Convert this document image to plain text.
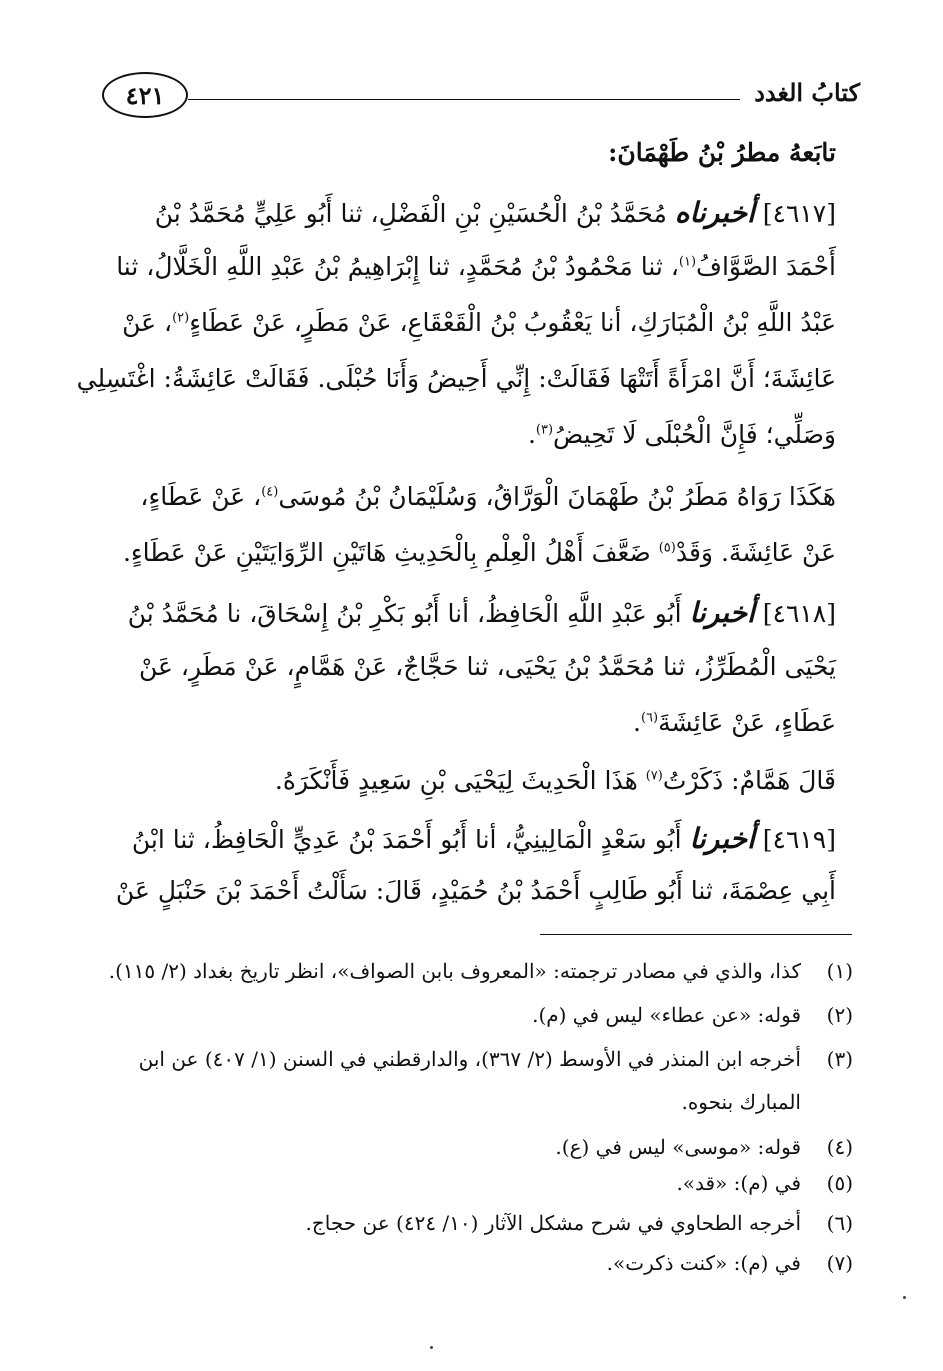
٤٢١	كتابُ الغدد
تابَعهُ مطرُ بْنُ طَهْمَانَ:
[٤٦١٧] أخبرناه مُحَمَّدُ بْنُ الْحُسَيْنِ بْنِ الْفَضْلِ، ثنا أَبُو عَلِيٍّ مُحَمَّدُ بْنُ
أَحْمَدَ الصَّوَّافُ$^{(١)}$، ثنا مَحْمُودُ بْنُ مُحَمَّدٍ، ثنا إِبْرَاهِيمُ بْنُ عَبْدِ اللَّهِ الْخَلَّالُ، ثنا
عَبْدُ اللَّهِ بْنُ الْمُبَارَكِ، أنا يَعْقُوبُ بْنُ الْقَعْقَاعِ، عَنْ مَطَرٍ، عَنْ عَطَاءٍ$^{(٢)}$، عَنْ
عَائِشَةَ؛ أَنَّ امْرَأَةً أَتَتْهَا فَقَالَتْ: إِنِّي أَحِيضُ وَأَنَا حُبْلَى. فَقَالَتْ عَائِشَةُ: اغْتَسِلِي
وَصَلِّي؛ فَإِنَّ الْحُبْلَى لَا تَحِيضُ$^{(٣)}$.
هَكَذَا رَوَاهُ مَطَرُ بْنُ طَهْمَانَ الْوَرَّاقُ، وَسُلَيْمَانُ بْنُ مُوسَى$^{(٤)}$، عَنْ عَطَاءٍ،
عَنْ عَائِشَةَ. وَقَدْ$^{(٥)}$ ضَعَّفَ أَهْلُ الْعِلْمِ بِالْحَدِيثِ هَاتَيْنِ الرِّوَايَتَيْنِ عَنْ عَطَاءٍ.
[٤٦١٨] أخبرنا أَبُو عَبْدِ اللَّهِ الْحَافِظُ، أنا أَبُو بَكْرِ بْنُ إِسْحَاقَ، نا مُحَمَّدُ بْنُ
يَحْيَى الْمُطَرِّزُ، ثنا مُحَمَّدُ بْنُ يَحْيَى، ثنا حَجَّاجٌ، عَنْ هَمَّامٍ، عَنْ مَطَرٍ، عَنْ
عَطَاءٍ، عَنْ عَائِشَةَ$^{(٦)}$.
قَالَ هَمَّامٌ: ذَكَرْتُ$^{(٧)}$ هَذَا الْحَدِيثَ لِيَحْيَى بْنِ سَعِيدٍ فَأَنْكَرَهُ.
[٤٦١٩] أخبرنا أَبُو سَعْدٍ الْمَالِينِيُّ، أنا أَبُو أَحْمَدَ بْنُ عَدِيٍّ الْحَافِظُ، ثنا ابْنُ
أَبِي عِصْمَةَ، ثنا أَبُو طَالِبٍ أَحْمَدُ بْنُ حُمَيْدٍ، قَالَ: سَأَلْتُ أَحْمَدَ بْنَ حَنْبَلٍ عَنْ
(١)كذا، والذي في مصادر ترجمته: «المعروف بابن الصواف»، انظر تاريخ بغداد (٢/ ١١٥).
(٢)قوله: «عن عطاء» ليس في (م).
(٣)أخرجه ابن المنذر في الأوسط (٢/ ٣٦٧)، والدارقطني في السنن (١/ ٤٠٧) عن ابن
المبارك بنحوه.
(٤)قوله: «موسى» ليس في (ع).
(٥)في (م): «قد».
(٦)أخرجه الطحاوي في شرح مشكل الآثار (١٠/ ٤٢٤) عن حجاج.
(٧)في (م): «كنت ذكرت».
